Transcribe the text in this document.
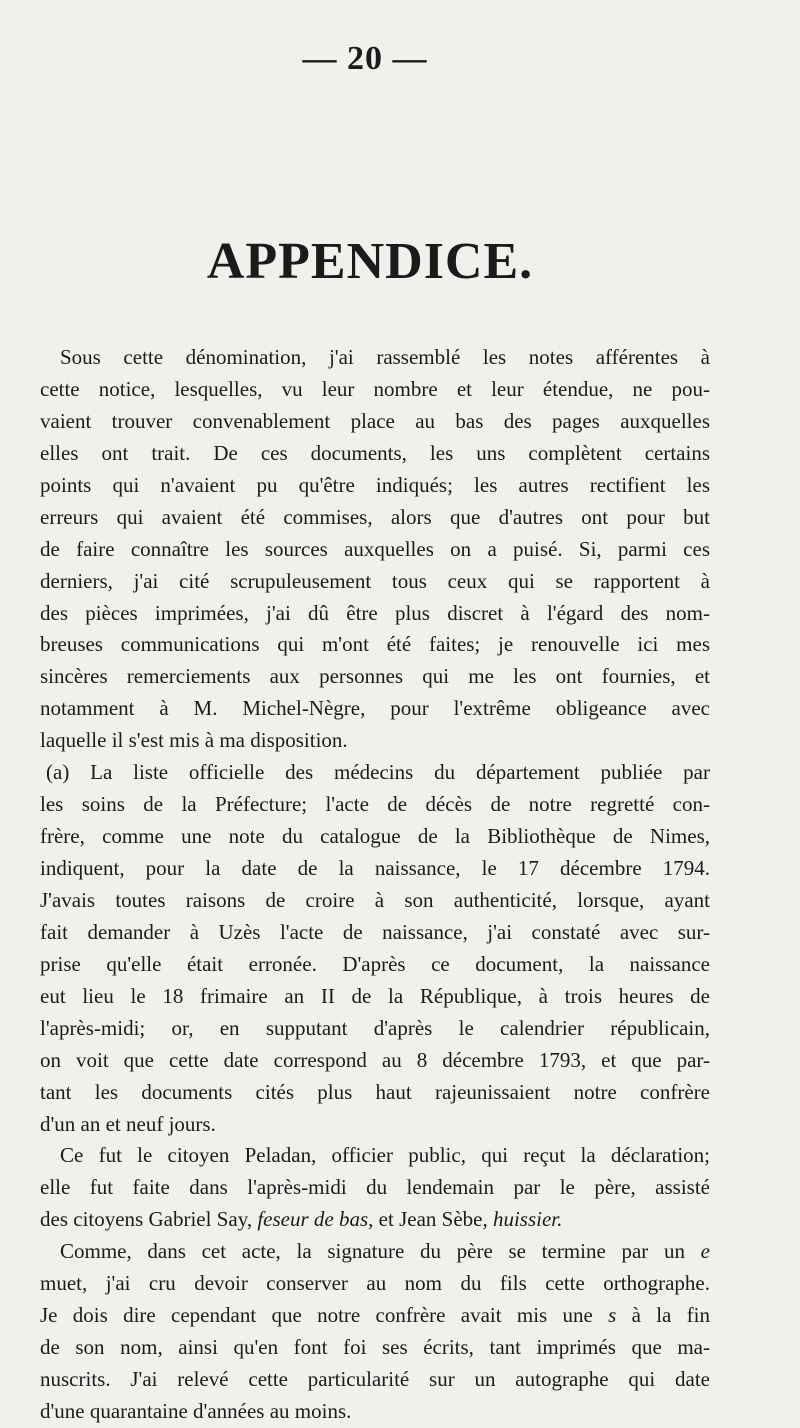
— 20 —
APPENDICE.
Sous cette dénomination, j'ai rassemblé les notes afférentes à
cette notice, lesquelles, vu leur nombre et leur étendue, ne pou-
vaient trouver convenablement place au bas des pages auxquelles
elles ont trait. De ces documents, les uns complètent certains
points qui n'avaient pu qu'être indiqués; les autres rectifient les
erreurs qui avaient été commises, alors que d'autres ont pour but
de faire connaître les sources auxquelles on a puisé. Si, parmi ces
derniers, j'ai cité scrupuleusement tous ceux qui se rapportent à
des pièces imprimées, j'ai dû être plus discret à l'égard des nom-
breuses communications qui m'ont été faites; je renouvelle ici mes
sincères remerciements aux personnes qui me les ont fournies, et
notamment à M. Michel-Nègre, pour l'extrême obligeance avec
laquelle il s'est mis à ma disposition.
(a) La liste officielle des médecins du département publiée par
les soins de la Préfecture; l'acte de décès de notre regretté con-
frère, comme une note du catalogue de la Bibliothèque de Nimes,
indiquent, pour la date de la naissance, le 17 décembre 1794.
J'avais toutes raisons de croire à son authenticité, lorsque, ayant
fait demander à Uzès l'acte de naissance, j'ai constaté avec sur-
prise qu'elle était erronée. D'après ce document, la naissance
eut lieu le 18 frimaire an II de la République, à trois heures de
l'après-midi; or, en supputant d'après le calendrier républicain,
on voit que cette date correspond au 8 décembre 1793, et que par-
tant les documents cités plus haut rajeunissaient notre confrère
d'un an et neuf jours.
Ce fut le citoyen Peladan, officier public, qui reçut la déclaration;
elle fut faite dans l'après-midi du lendemain par le père, assisté
des citoyens Gabriel Say, feseur de bas, et Jean Sèbe, huissier.
Comme, dans cet acte, la signature du père se termine par un e
muet, j'ai cru devoir conserver au nom du fils cette orthographe.
Je dois dire cependant que notre confrère avait mis une s à la fin
de son nom, ainsi qu'en font foi ses écrits, tant imprimés que ma-
nuscrits. J'ai relevé cette particularité sur un autographe qui date
d'une quarantaine d'années au moins.
